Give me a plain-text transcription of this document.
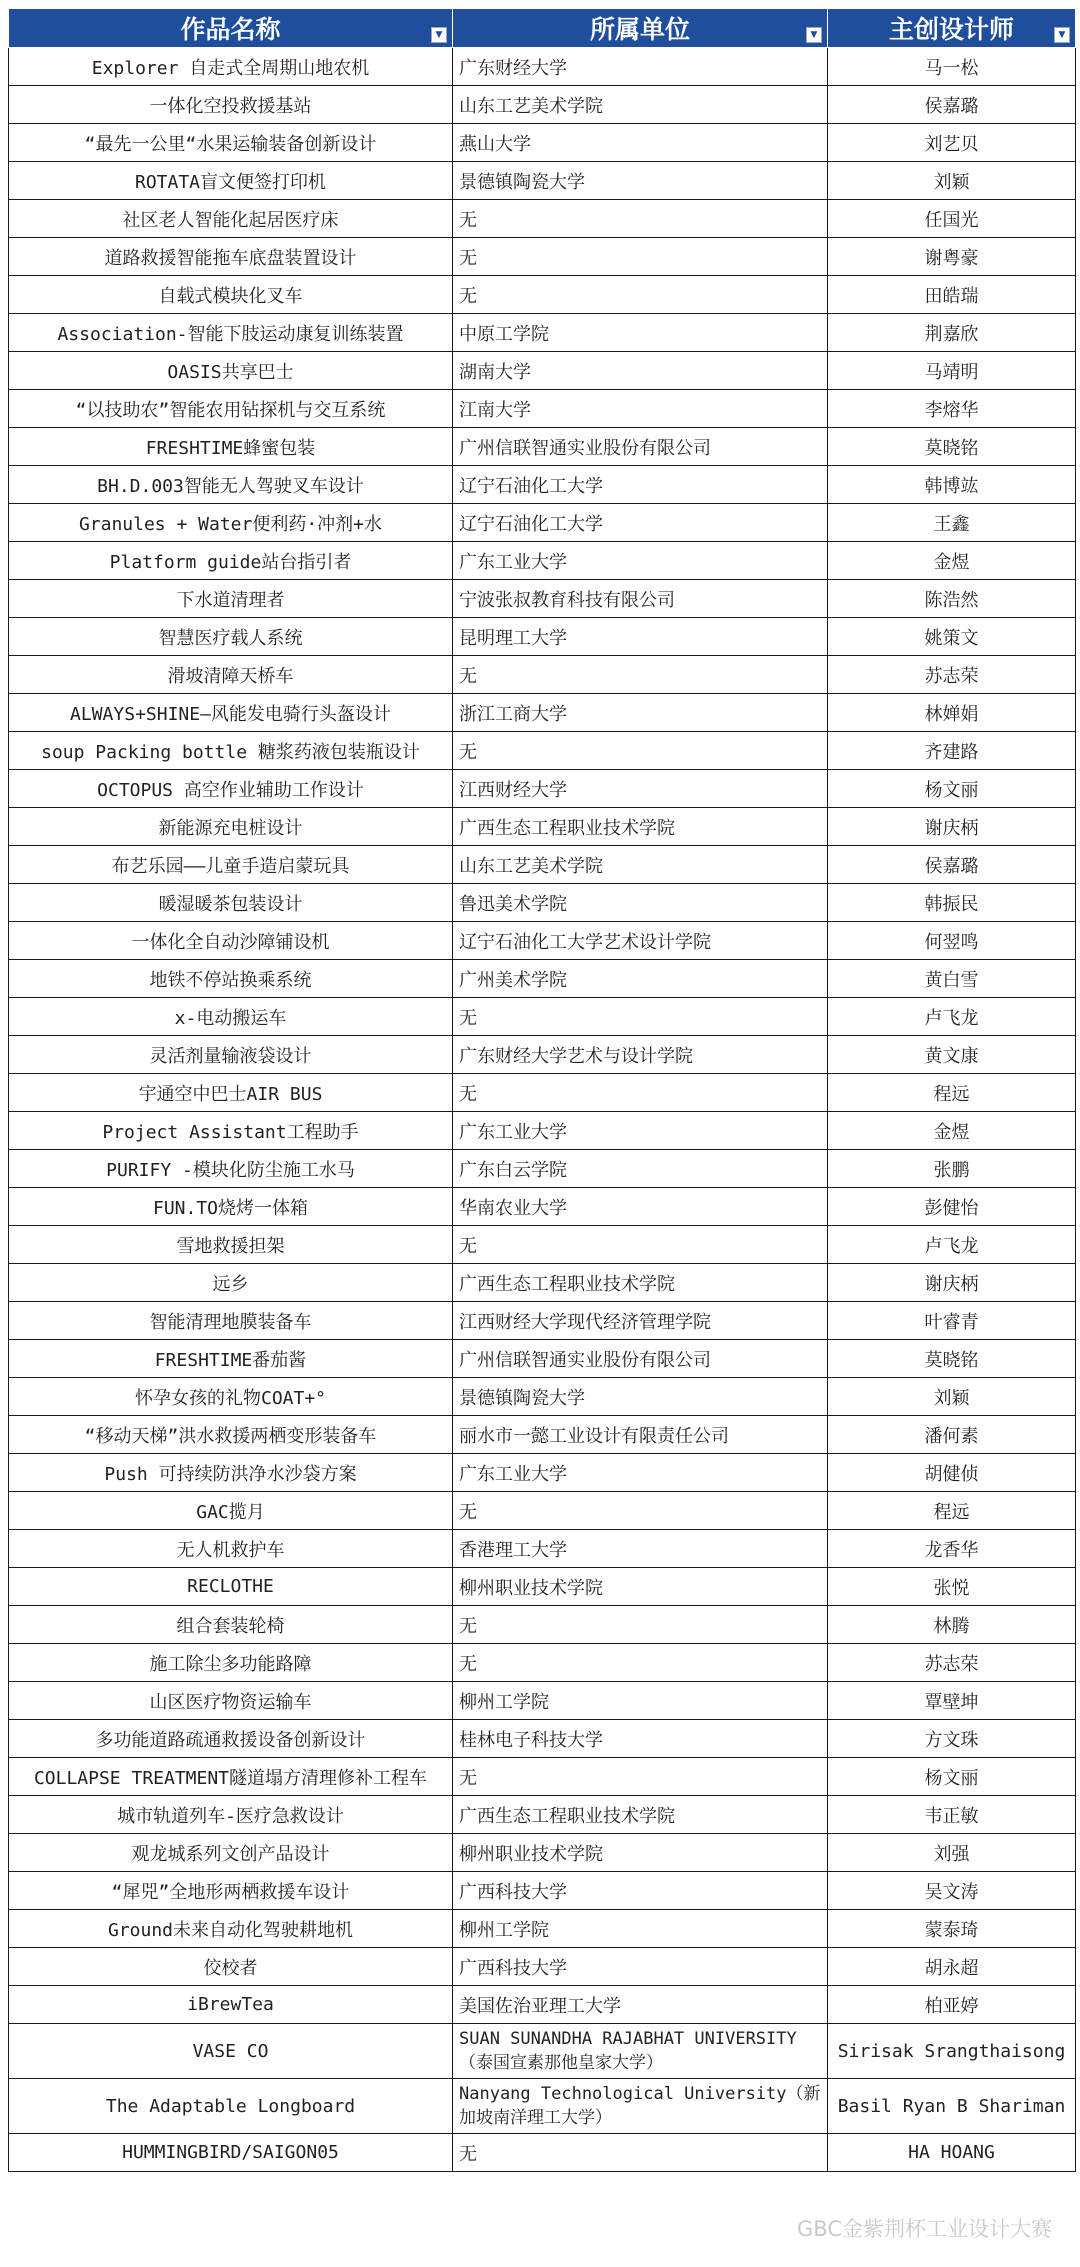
作品名称 ▼	所属单位 ▼	主创设计师 ▼

Explorer 自走式全周期山地农机	广东财经大学	马一松
一体化空投救援基站	山东工艺美术学院	侯嘉璐
“最先一公里“水果运输装备创新设计	燕山大学	刘艺贝
ROTATA盲文便签打印机	景德镇陶瓷大学	刘颖
社区老人智能化起居医疗床	无	任国光
道路救援智能拖车底盘装置设计	无	谢粤豪
自载式模块化叉车	无	田皓瑞
Association-智能下肢运动康复训练装置	中原工学院	荆嘉欣
OASIS共享巴士	湖南大学	马靖明
“以技助农”智能农用钻探机与交互系统	江南大学	李熔华
FRESHTIME蜂蜜包装	广州信联智通实业股份有限公司	莫晓铭
BH.D.003智能无人驾驶叉车设计	辽宁石油化工大学	韩博竑
Granules + Water便利药·冲剂+水	辽宁石油化工大学	王鑫
Platform guide站台指引者	广东工业大学	金煜
下水道清理者	宁波张叔教育科技有限公司	陈浩然
智慧医疗载人系统	昆明理工大学	姚策文
滑坡清障天桥车	无	苏志荣
ALWAYS+SHINE—风能发电骑行头盔设计	浙江工商大学	林婵娟
soup Packing bottle 糖浆药液包装瓶设计	无	齐建路
OCTOPUS 高空作业辅助工作设计	江西财经大学	杨文丽
新能源充电桩设计	广西生态工程职业技术学院	谢庆柄
布艺乐园——儿童手造启蒙玩具	山东工艺美术学院	侯嘉璐
暖湿暖茶包装设计	鲁迅美术学院	韩振民
一体化全自动沙障铺设机	辽宁石油化工大学艺术设计学院	何翌鸣
地铁不停站换乘系统	广州美术学院	黄白雪
x-电动搬运车	无	卢飞龙
灵活剂量输液袋设计	广东财经大学艺术与设计学院	黄文康
宇通空中巴士AIR BUS	无	程远
Project Assistant工程助手	广东工业大学	金煜
PURIFY -模块化防尘施工水马	广东白云学院	张鹏
FUN.TO烧烤一体箱	华南农业大学	彭健怡
雪地救援担架	无	卢飞龙
远乡	广西生态工程职业技术学院	谢庆柄
智能清理地膜装备车	江西财经大学现代经济管理学院	叶睿青
FRESHTIME番茄酱	广州信联智通实业股份有限公司	莫晓铭
怀孕女孩的礼物COAT+°	景德镇陶瓷大学	刘颖
“移动天梯”洪水救援两栖变形装备车	丽水市一懿工业设计有限责任公司	潘何素
Push 可持续防洪净水沙袋方案	广东工业大学	胡健侦
GAC揽月	无	程远
无人机救护车	香港理工大学	龙香华
RECLOTHE	柳州职业技术学院	张悦
组合套装轮椅	无	林腾
施工除尘多功能路障	无	苏志荣
山区医疗物资运输车	柳州工学院	覃壁坤
多功能道路疏通救援设备创新设计	桂林电子科技大学	方文珠
COLLAPSE TREATMENT隧道塌方清理修补工程车	无	杨文丽
城市轨道列车-医疗急救设计	广西生态工程职业技术学院	韦正敏
观龙城系列文创产品设计	柳州职业技术学院	刘强
“犀兕”全地形两栖救援车设计	广西科技大学	吴文涛
Ground未来自动化驾驶耕地机	柳州工学院	蒙泰琦
佼校者	广西科技大学	胡永超
iBrewTea	美国佐治亚理工大学	柏亚婷
VASE CO	SUAN SUNANDHA RAJABHAT UNIVERSITY（泰国宣素那他皇家大学）	Sirisak Srangthaisong
The Adaptable Longboard	Nanyang Technological University（新加坡南洋理工大学）	Basil Ryan B Shariman
HUMMINGBIRD/SAIGON05	无	HA HOANG
GBC金紫荆杯工业设计大赛
